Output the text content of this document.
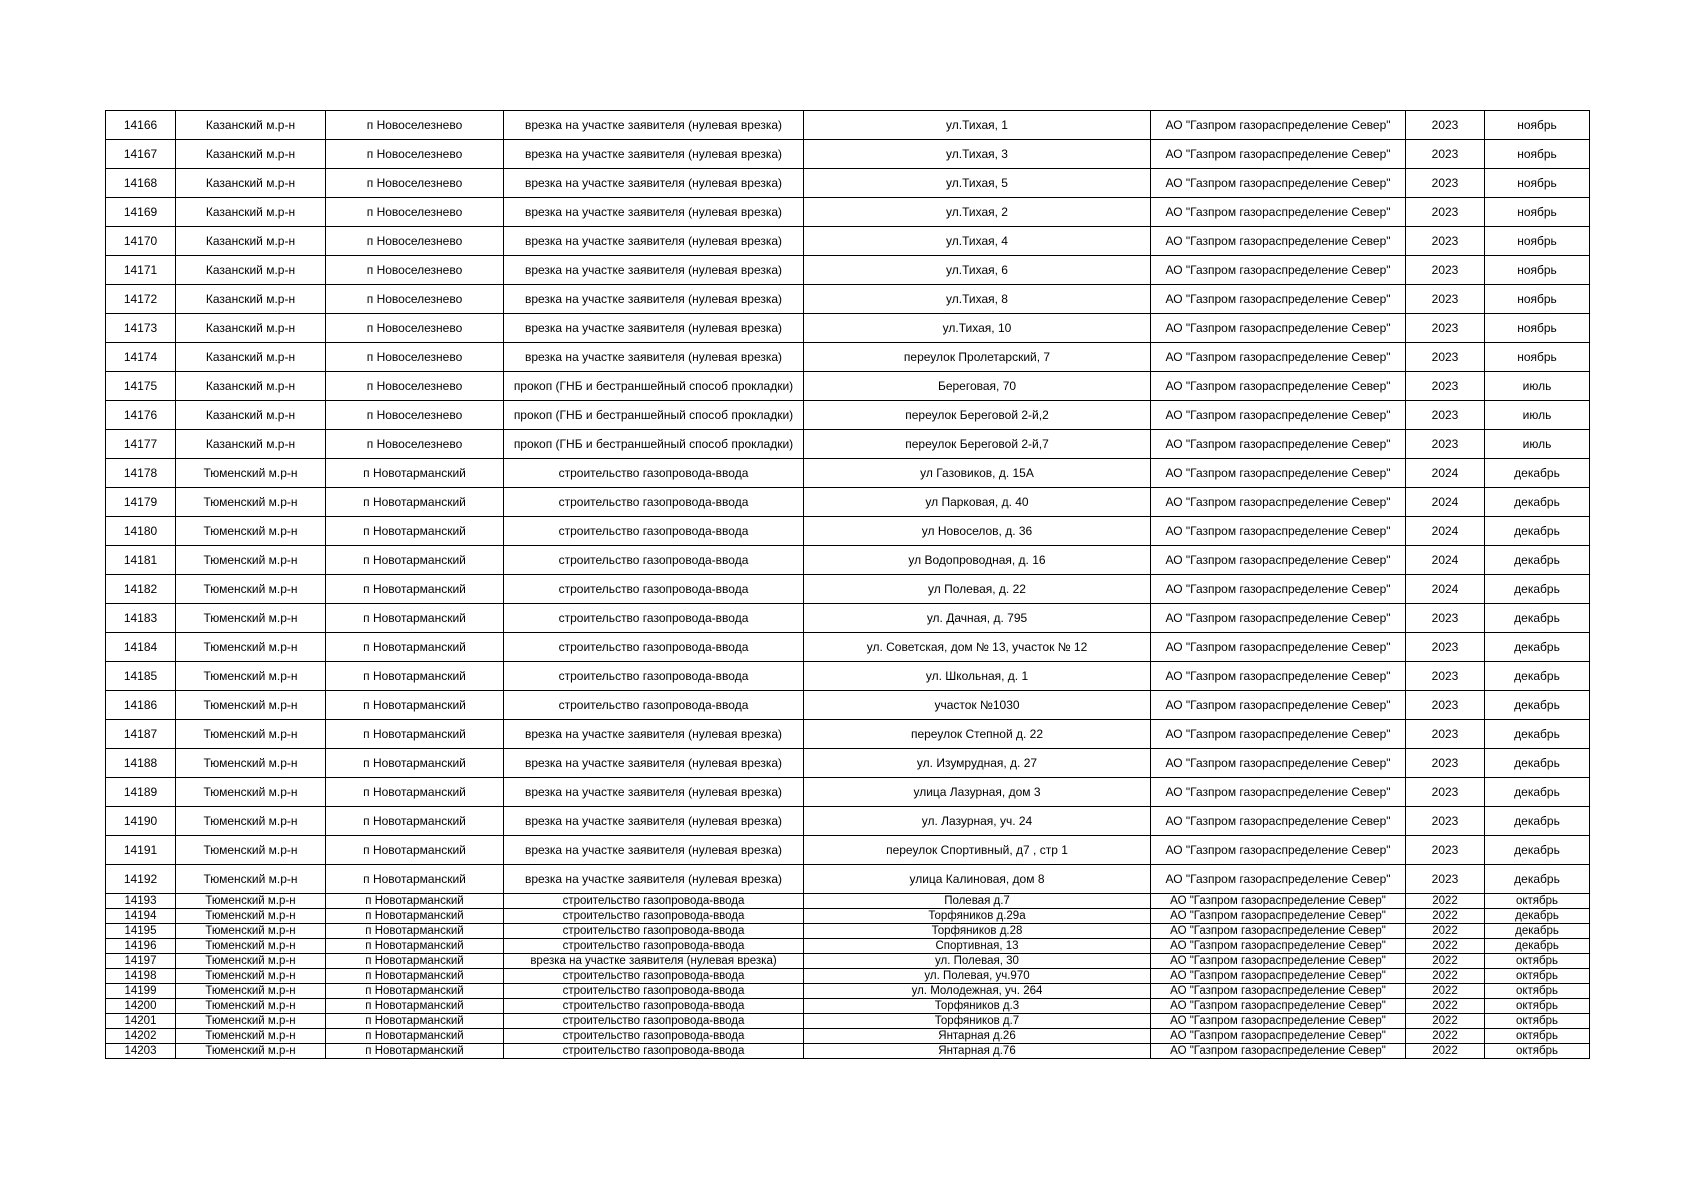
14166	Казанский м.р-н	п Новоселезнево	врезка на участке заявителя (нулевая врезка)	ул.Тихая, 1	АО "Газпром газораспределение Север"	2023	ноябрь
14167	Казанский м.р-н	п Новоселезнево	врезка на участке заявителя (нулевая врезка)	ул.Тихая, 3	АО "Газпром газораспределение Север"	2023	ноябрь
14168	Казанский м.р-н	п Новоселезнево	врезка на участке заявителя (нулевая врезка)	ул.Тихая, 5	АО "Газпром газораспределение Север"	2023	ноябрь
14169	Казанский м.р-н	п Новоселезнево	врезка на участке заявителя (нулевая врезка)	ул.Тихая, 2	АО "Газпром газораспределение Север"	2023	ноябрь
14170	Казанский м.р-н	п Новоселезнево	врезка на участке заявителя (нулевая врезка)	ул.Тихая, 4	АО "Газпром газораспределение Север"	2023	ноябрь
14171	Казанский м.р-н	п Новоселезнево	врезка на участке заявителя (нулевая врезка)	ул.Тихая, 6	АО "Газпром газораспределение Север"	2023	ноябрь
14172	Казанский м.р-н	п Новоселезнево	врезка на участке заявителя (нулевая врезка)	ул.Тихая, 8	АО "Газпром газораспределение Север"	2023	ноябрь
14173	Казанский м.р-н	п Новоселезнево	врезка на участке заявителя (нулевая врезка)	ул.Тихая, 10	АО "Газпром газораспределение Север"	2023	ноябрь
14174	Казанский м.р-н	п Новоселезнево	врезка на участке заявителя (нулевая врезка)	переулок Пролетарский, 7	АО "Газпром газораспределение Север"	2023	ноябрь
14175	Казанский м.р-н	п Новоселезнево	прокоп (ГНБ и бестраншейный способ прокладки)	Береговая, 70	АО "Газпром газораспределение Север"	2023	июль
14176	Казанский м.р-н	п Новоселезнево	прокоп (ГНБ и бестраншейный способ прокладки)	переулок Береговой 2-й,2	АО "Газпром газораспределение Север"	2023	июль
14177	Казанский м.р-н	п Новоселезнево	прокоп (ГНБ и бестраншейный способ прокладки)	переулок Береговой 2-й,7	АО "Газпром газораспределение Север"	2023	июль
14178	Тюменский м.р-н	п Новотарманский	строительство газопровода-ввода	ул Газовиков, д. 15А	АО "Газпром газораспределение Север"	2024	декабрь
14179	Тюменский м.р-н	п Новотарманский	строительство газопровода-ввода	ул Парковая, д. 40	АО "Газпром газораспределение Север"	2024	декабрь
14180	Тюменский м.р-н	п Новотарманский	строительство газопровода-ввода	ул Новоселов, д. 36	АО "Газпром газораспределение Север"	2024	декабрь
14181	Тюменский м.р-н	п Новотарманский	строительство газопровода-ввода	ул Водопроводная, д. 16	АО "Газпром газораспределение Север"	2024	декабрь
14182	Тюменский м.р-н	п Новотарманский	строительство газопровода-ввода	ул Полевая, д. 22	АО "Газпром газораспределение Север"	2024	декабрь
14183	Тюменский м.р-н	п Новотарманский	строительство газопровода-ввода	ул. Дачная, д. 795	АО "Газпром газораспределение Север"	2023	декабрь
14184	Тюменский м.р-н	п Новотарманский	строительство газопровода-ввода	ул. Советская, дом № 13, участок № 12	АО "Газпром газораспределение Север"	2023	декабрь
14185	Тюменский м.р-н	п Новотарманский	строительство газопровода-ввода	ул. Школьная, д. 1	АО "Газпром газораспределение Север"	2023	декабрь
14186	Тюменский м.р-н	п Новотарманский	строительство газопровода-ввода	участок №1030	АО "Газпром газораспределение Север"	2023	декабрь
14187	Тюменский м.р-н	п Новотарманский	врезка на участке заявителя (нулевая врезка)	переулок Степной д. 22	АО "Газпром газораспределение Север"	2023	декабрь
14188	Тюменский м.р-н	п Новотарманский	врезка на участке заявителя (нулевая врезка)	ул. Изумрудная, д. 27	АО "Газпром газораспределение Север"	2023	декабрь
14189	Тюменский м.р-н	п Новотарманский	врезка на участке заявителя (нулевая врезка)	улица Лазурная, дом 3	АО "Газпром газораспределение Север"	2023	декабрь
14190	Тюменский м.р-н	п Новотарманский	врезка на участке заявителя (нулевая врезка)	ул. Лазурная, уч. 24	АО "Газпром газораспределение Север"	2023	декабрь
14191	Тюменский м.р-н	п Новотарманский	врезка на участке заявителя (нулевая врезка)	переулок Спортивный, д7 , стр 1	АО "Газпром газораспределение Север"	2023	декабрь
14192	Тюменский м.р-н	п Новотарманский	врезка на участке заявителя (нулевая врезка)	улица Калиновая, дом 8	АО "Газпром газораспределение Север"	2023	декабрь
14193	Тюменский м.р-н	п Новотарманский	строительство газопровода-ввода	Полевая д.7	АО "Газпром газораспределение Север"	2022	октябрь
14194	Тюменский м.р-н	п Новотарманский	строительство газопровода-ввода	Торфяников д.29а	АО "Газпром газораспределение Север"	2022	декабрь
14195	Тюменский м.р-н	п Новотарманский	строительство газопровода-ввода	Торфяников д.28	АО "Газпром газораспределение Север"	2022	декабрь
14196	Тюменский м.р-н	п Новотарманский	строительство газопровода-ввода	Спортивная, 13	АО "Газпром газораспределение Север"	2022	декабрь
14197	Тюменский м.р-н	п Новотарманский	врезка на участке заявителя (нулевая врезка)	ул. Полевая, 30	АО "Газпром газораспределение Север"	2022	октябрь
14198	Тюменский м.р-н	п Новотарманский	строительство газопровода-ввода	ул. Полевая, уч.970	АО "Газпром газораспределение Север"	2022	октябрь
14199	Тюменский м.р-н	п Новотарманский	строительство газопровода-ввода	ул. Молодежная, уч. 264	АО "Газпром газораспределение Север"	2022	октябрь
14200	Тюменский м.р-н	п Новотарманский	строительство газопровода-ввода	Торфяников д.3	АО "Газпром газораспределение Север"	2022	октябрь
14201	Тюменский м.р-н	п Новотарманский	строительство газопровода-ввода	Торфяников д.7	АО "Газпром газораспределение Север"	2022	октябрь
14202	Тюменский м.р-н	п Новотарманский	строительство газопровода-ввода	Янтарная д.26	АО "Газпром газораспределение Север"	2022	октябрь
14203	Тюменский м.р-н	п Новотарманский	строительство газопровода-ввода	Янтарная д.76	АО "Газпром газораспределение Север"	2022	октябрь
